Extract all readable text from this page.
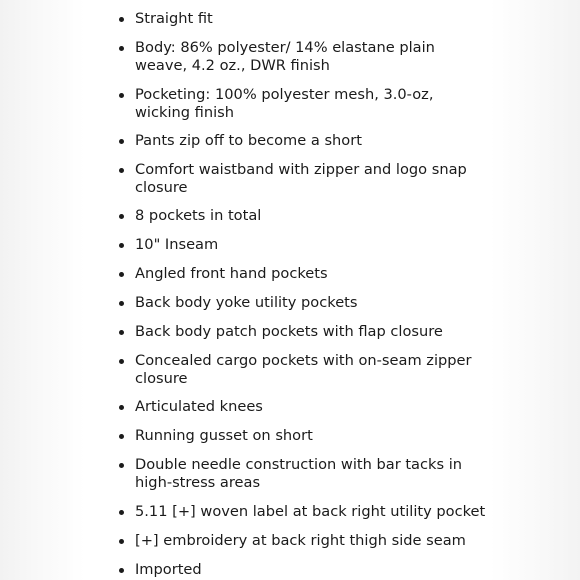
Straight fit
Body: 86% polyester/ 14% elastane plain
weave, 4.2 oz., DWR finish
Pocketing: 100% polyester mesh, 3.0-oz,
wicking finish
Pants zip off to become a short
Comfort waistband with zipper and logo snap
closure
8 pockets in total
10" Inseam
Angled front hand pockets
Back body yoke utility pockets
Back body patch pockets with flap closure
Concealed cargo pockets with on-seam zipper
closure
Articulated knees
Running gusset on short
Double needle construction with bar tacks in
high-stress areas
5.11 [+] woven label at back right utility pocket
[+] embroidery at back right thigh side seam
Imported
